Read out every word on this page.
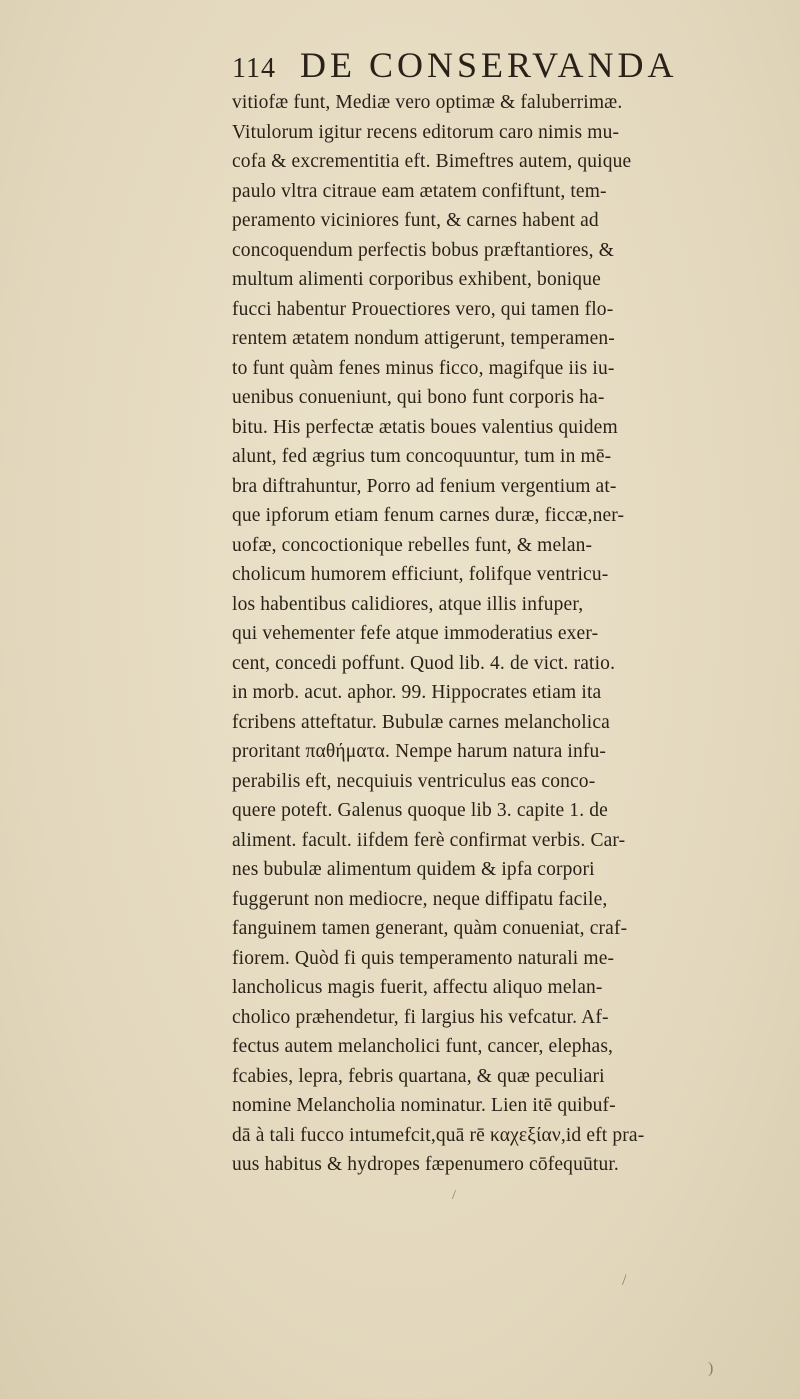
114 DE CONSERVANDA
vitiofæ funt, Mediæ vero optimæ & faluberrimæ.
Vitulorum igitur recens editorum caro nimis mu-
cofa & excrementitia eft. Bimeftres autem, quique
paulo vltra citraue eam ætatem confiftunt, tem-
peramento viciniores funt, & carnes habent ad
concoquendum perfectis bobus præftantiores, &
multum alimenti corporibus exhibent, bonique
fucci habentur Prouectiores vero, qui tamen flo-
rentem ætatem nondum attigerunt, temperamen-
to funt quàm fenes minus ficco, magifque iis iu-
uenibus conueniunt, qui bono funt corporis ha-
bitu. His perfectæ ætatis boues valentius quidem
alunt, fed ægrius tum concoquuntur, tum in mē-
bra diftrahuntur, Porro ad fenium vergentium at-
que ipforum etiam fenum carnes duræ, ficcæ,ner-
uofæ, concoctionique rebelles funt, & melan-
cholicum humorem efficiunt, folifque ventricu-
los habentibus calidiores, atque illis infuper,
qui vehementer fefe atque immoderatius exer-
cent, concedi poffunt. Quod lib. 4. de vict. ratio.
in morb. acut. aphor. 99. Hippocrates etiam ita
fcribens atteftatur. Bubulæ carnes melancholica
proritant παθήματα. Nempe harum natura infu-
perabilis eft, necquiuis ventriculus eas conco-
quere poteft. Galenus quoque lib 3. capite 1. de
aliment. facult. iifdem ferè confirmat verbis. Car-
nes bubulæ alimentum quidem & ipfa corpori
fuggerunt non mediocre, neque diffipatu facile,
fanguinem tamen generant, quàm conueniat, craf-
fiorem. Quòd fi quis temperamento naturali me-
lancholicus magis fuerit, affectu aliquo melan-
cholico præhendetur, fi largius his vefcatur. Af-
fectus autem melancholici funt, cancer, elephas,
fcabies, lepra, febris quartana, & quæ peculiari
nomine Melancholia nominatur. Lien itē quibuf-
dā à tali fucco intumefcit,quā rē καχεξίαν,id eft pra-
uus habitus & hydropes fæpenumero cōfequūtur.
/
/
)
